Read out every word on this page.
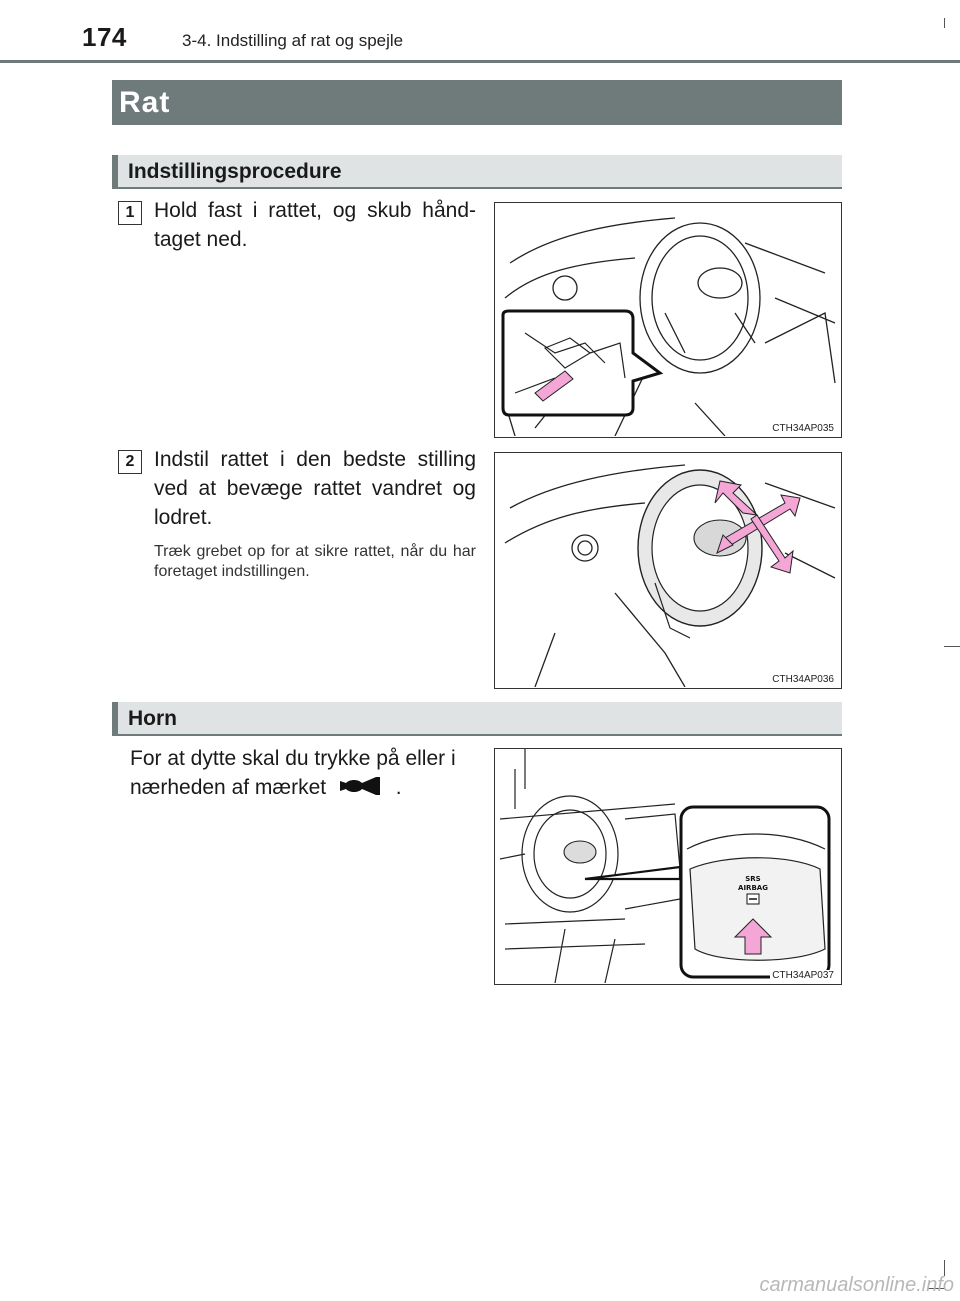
174	3-4. Indstilling af rat og spejle
Rat
Indstillingsprocedure
1 Hold fast i rattet, og skub hånd-taget ned.
CTH34AP035
2 Indstil rattet i den bedste stilling ved at bevæge rattet vandret og lodret.
Træk grebet op for at sikre rattet, når du har foretaget indstillingen.
CTH34AP036
Horn
For at dytte skal du trykke på eller i nærheden af mærket	.
SRS
AIRBAG
CTH34AP037
carmanualsonline.info
